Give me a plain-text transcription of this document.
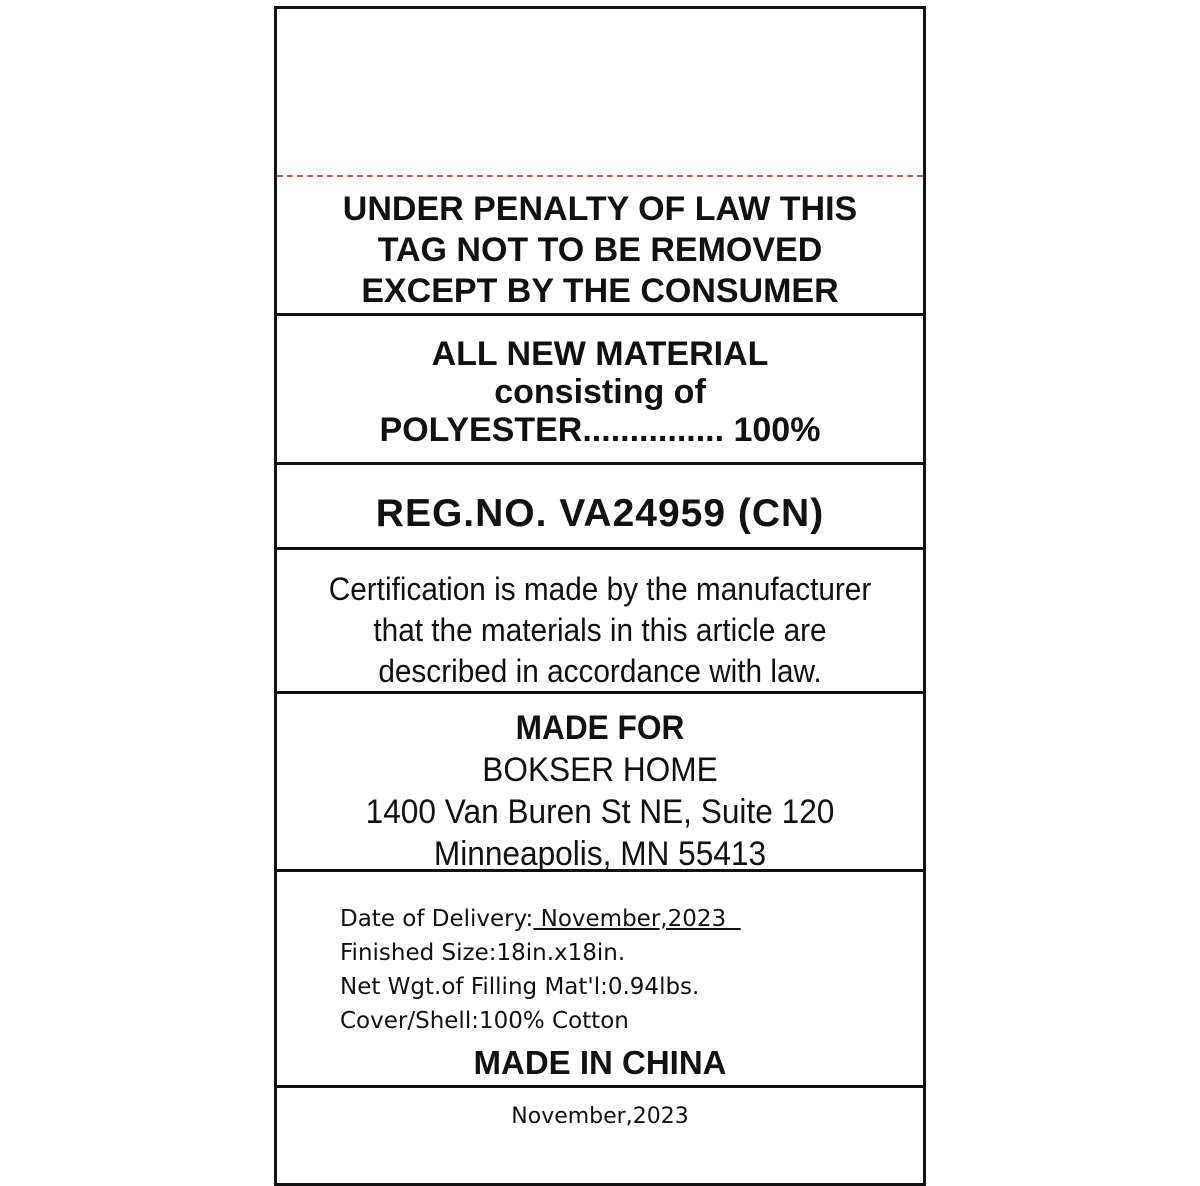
UNDER PENALTY OF LAW THIS
TAG NOT TO BE REMOVED
EXCEPT BY THE CONSUMER
ALL NEW MATERIAL
consisting of
POLYESTER............... 100%
REG.NO. VA24959 (CN)
Certification is made by the manufacturer
that the materials in this article are
described in accordance with law.
MADE FOR
BOKSER HOME
1400 Van Buren St NE, Suite 120
Minneapolis, MN 55413
Date of Delivery: November,2023
Finished Size:18in.x18in.
Net Wgt.of Filling Mat'l:0.94lbs.
Cover/Shell:100% Cotton
MADE IN CHINA
November,2023
